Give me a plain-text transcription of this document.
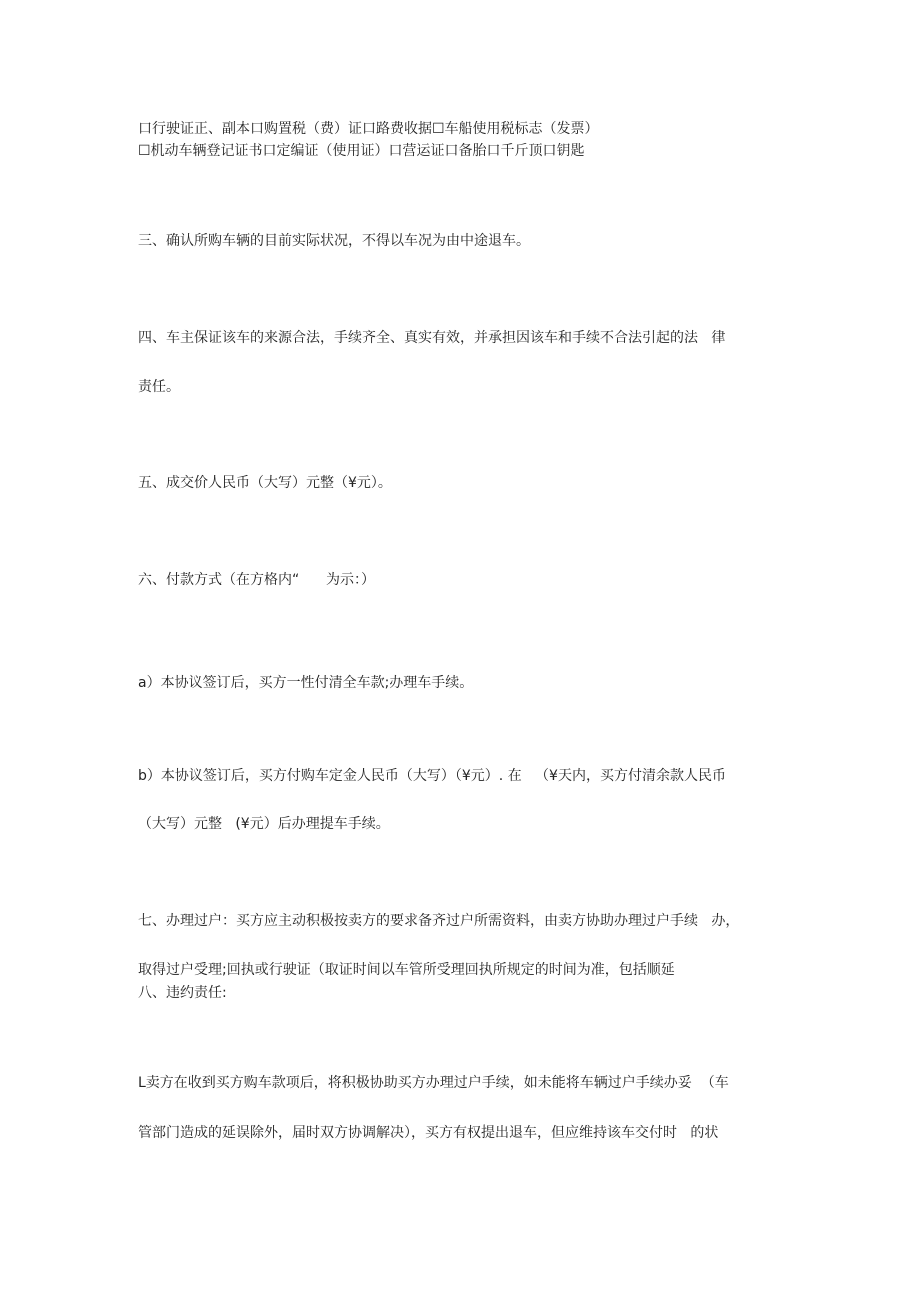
口行驶证正、副本口购置税（费）证口路费收据☐车船使用税标志（发票）

☐机动车辆登记证书口定编证（使用证）口营运证口备胎口千斤顶口钥匙

三、确认所购车辆的目前实际状况，不得以车况为由中途退车。

四、车主保证该车的来源合法，手续齐全、真实有效，并承担因该车和手续不合法引起的法   律

责任。

五、成交价人民币（大写）元整（¥元）。

六、付款方式（在方格内“      为示：）

a）本协议签订后，买方一性付清全车款;办理车手续。

b）本协议签订后，买方付购车定金人民币（大写）（¥元）. 在   （¥天内，买方付清余款人民币

（大写）元整   (¥元）后办理提车手续。

七、办理过户：买方应主动积极按卖方的要求备齐过户所需资料，由卖方协助办理过户手续   办，

取得过户受理;回执或行驶证（取证时间以车管所受理回执所规定的时间为准，包括顺延

八、违约责任:

L卖方在收到买方购车款项后，将积极协助买方办理过户手续，如未能将车辆过户手续办妥  （车

管部门造成的延误除外，届时双方协调解决），买方有权提出退车，但应维持该车交付时   的状
